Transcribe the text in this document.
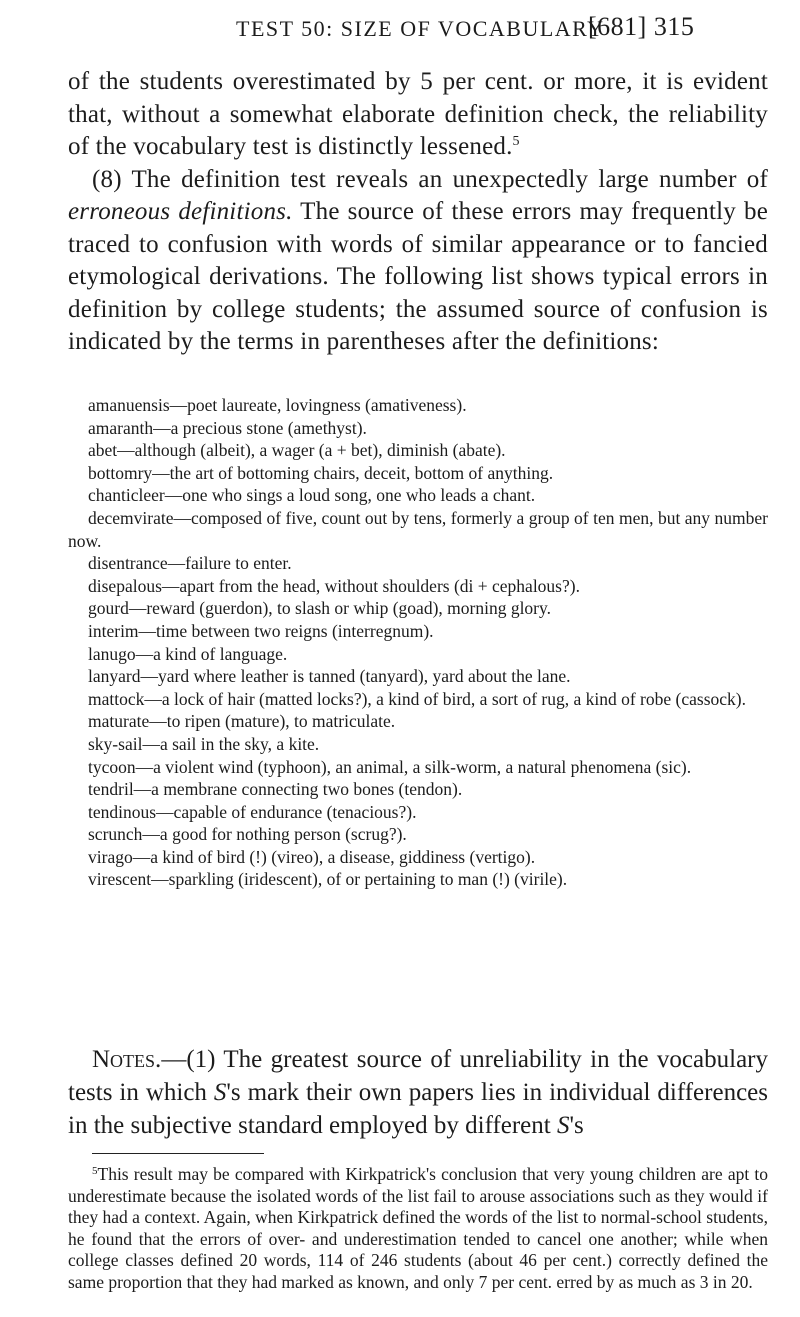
TEST 50: SIZE OF VOCABULARY
[681] 315

of the students overestimated by 5 per cent. or more, it is evident that, without a somewhat elaborate definition check, the reliability of the vocabulary test is distinctly lessened.$^5$

(8) The definition test reveals an unexpectedly large number of erroneous definitions. The source of these errors may frequently be traced to confusion with words of similar appearance or to fancied etymological derivations. The following list shows typical errors in definition by college students; the assumed source of confusion is indicated by the terms in parentheses after the definitions:

amanuensis—poet laureate, lovingness (amativeness).

amaranth—a precious stone (amethyst).

abet—although (albeit), a wager (a + bet), diminish (abate).

bottomry—the art of bottoming chairs, deceit, bottom of anything.

chanticleer—one who sings a loud song, one who leads a chant.

decemvirate—composed of five, count out by tens, formerly a group of ten men, but any number now.

disentrance—failure to enter.

disepalous—apart from the head, without shoulders (di + cephalous?).

gourd—reward (guerdon), to slash or whip (goad), morning glory.

interim—time between two reigns (interregnum).

lanugo—a kind of language.

lanyard—yard where leather is tanned (tanyard), yard about the lane.

mattock—a lock of hair (matted locks?), a kind of bird, a sort of rug, a kind of robe (cassock).

maturate—to ripen (mature), to matriculate.

sky-sail—a sail in the sky, a kite.

tycoon—a violent wind (typhoon), an animal, a silk-worm, a natural phenomena (sic).

tendril—a membrane connecting two bones (tendon).

tendinous—capable of endurance (tenacious?).

scrunch—a good for nothing person (scrug?).

virago—a kind of bird (!) (vireo), a disease, giddiness (vertigo).

virescent—sparkling (iridescent), of or pertaining to man (!) (virile).

Notes.—(1) The greatest source of unreliability in the vocabulary tests in which S's mark their own papers lies in individual differences in the subjective standard employed by different S's

$^5$This result may be compared with Kirkpatrick's conclusion that very young children are apt to underestimate because the isolated words of the list fail to arouse associations such as they would if they had a context. Again, when Kirkpatrick defined the words of the list to normal-school students, he found that the errors of over- and underestimation tended to cancel one another; while when college classes defined 20 words, 114 of 246 students (about 46 per cent.) correctly defined the same proportion that they had marked as known, and only 7 per cent. erred by as much as 3 in 20.
